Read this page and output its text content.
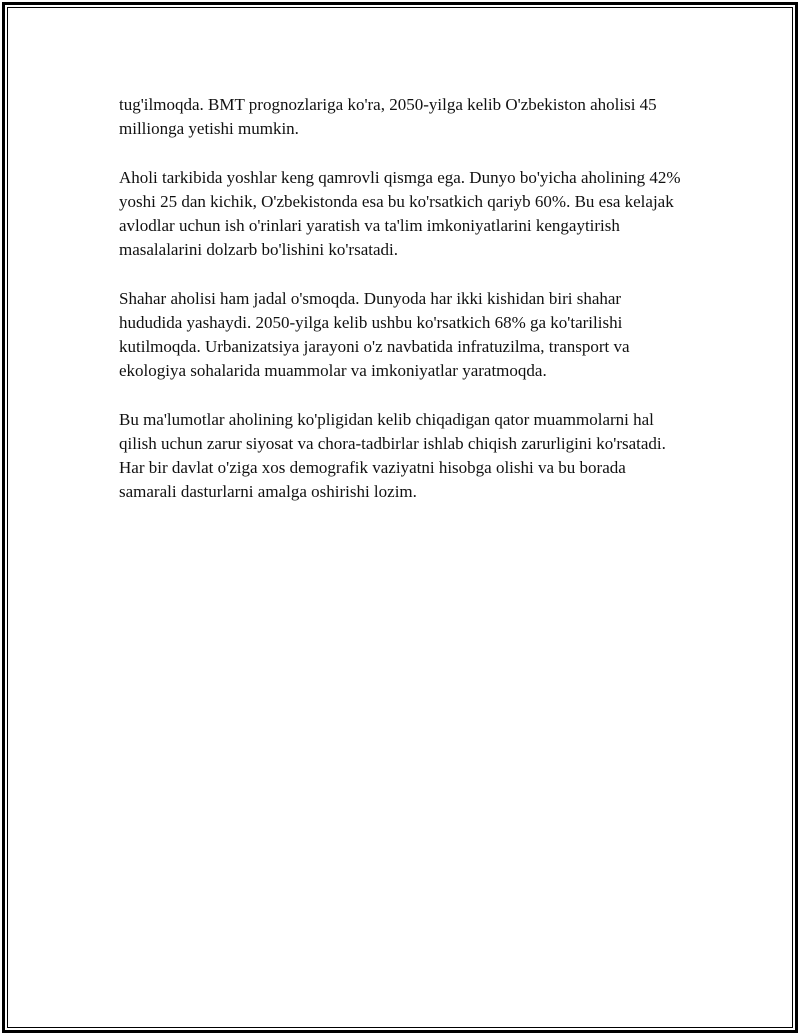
tug'ilmoqda. BMT prognozlariga ko'ra, 2050-yilga kelib O'zbekiston aholisi 45 millionga yetishi mumkin.

Aholi tarkibida yoshlar keng qamrovli qismga ega. Dunyo bo'yicha aholining 42% yoshi 25 dan kichik, O'zbekistonda esa bu ko'rsatkich qariyb 60%. Bu esa kelajak avlodlar uchun ish o'rinlari yaratish va ta'lim imkoniyatlarini kengaytirish masalalarini dolzarb bo'lishini ko'rsatadi.

Shahar aholisi ham jadal o'smoqda. Dunyoda har ikki kishidan biri shahar hududida yashaydi. 2050-yilga kelib ushbu ko'rsatkich 68% ga ko'tarilishi kutilmoqda. Urbanizatsiya jarayoni o'z navbatida infratuzilma, transport va ekologiya sohalarida muammolar va imkoniyatlar yaratmoqda.

Bu ma'lumotlar aholining ko'pligidan kelib chiqadigan qator muammolarni hal qilish uchun zarur siyosat va chora-tadbirlar ishlab chiqish zarurligini ko'rsatadi. Har bir davlat o'ziga xos demografik vaziyatni hisobga olishi va bu borada samarali dasturlarni amalga oshirishi lozim.
